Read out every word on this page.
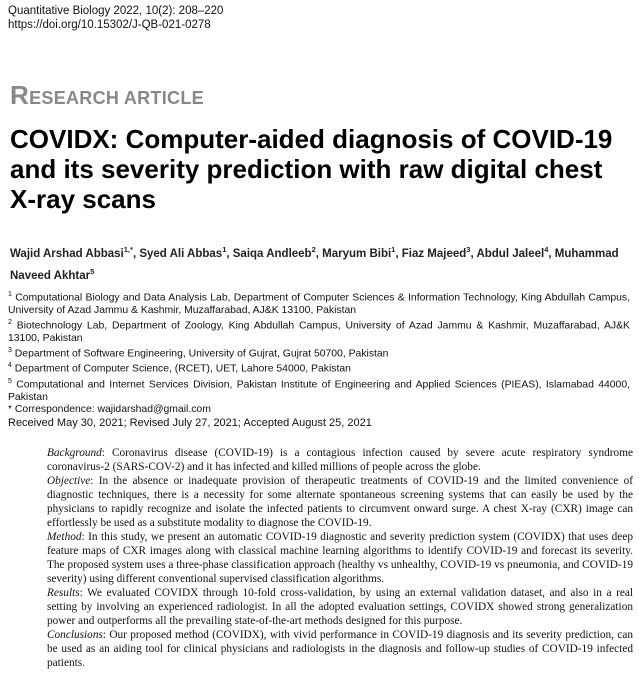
Quantitative Biology 2022, 10(2): 208–220
https://doi.org/10.15302/J-QB-021-0278
RESEARCH ARTICLE
COVIDX: Computer-aided diagnosis of COVID-19 and its severity prediction with raw digital chest X-ray scans

Wajid Arshad Abbasi$^{1,*}$, Syed Ali Abbas$^1$, Saiqa Andleeb$^2$, Maryum Bibi$^1$, Fiaz Majeed$^3$, Abdul Jaleel$^4$, Muhammad Naveed Akhtar$^5$

$^1$ Computational Biology and Data Analysis Lab, Department of Computer Sciences & Information Technology, King Abdullah Campus, University of Azad Jammu & Kashmir, Muzaffarabad, AJ&K 13100, Pakistan
$^2$ Biotechnology Lab, Department of Zoology, King Abdullah Campus, University of Azad Jammu & Kashmir, Muzaffarabad, AJ&K 13100, Pakistan
$^3$ Department of Software Engineering, University of Gujrat, Gujrat 50700, Pakistan
$^4$ Department of Computer Science, (RCET), UET, Lahore 54000, Pakistan
$^5$ Computational and Internet Services Division, Pakistan Institute of Engineering and Applied Sciences (PIEAS), Islamabad 44000, Pakistan
* Correspondence: wajidarshad@gmail.com
Received May 30, 2021; Revised July 27, 2021; Accepted August 25, 2021

Background: Coronavirus disease (COVID-19) is a contagious infection caused by severe acute respiratory syndrome coronavirus-2 (SARS-COV-2) and it has infected and killed millions of people across the globe.

Objective: In the absence or inadequate provision of therapeutic treatments of COVID-19 and the limited convenience of diagnostic techniques, there is a necessity for some alternate spontaneous screening systems that can easily be used by the physicians to rapidly recognize and isolate the infected patients to circumvent onward surge. A chest X-ray (CXR) image can effortlessly be used as a substitute modality to diagnose the COVID-19.

Method: In this study, we present an automatic COVID-19 diagnostic and severity prediction system (COVIDX) that uses deep feature maps of CXR images along with classical machine learning algorithms to identify COVID-19 and forecast its severity. The proposed system uses a three-phase classification approach (healthy vs unhealthy, COVID-19 vs pneumonia, and COVID-19 severity) using different conventional supervised classification algorithms.

Results: We evaluated COVIDX through 10-fold cross-validation, by using an external validation dataset, and also in a real setting by involving an experienced radiologist. In all the adopted evaluation settings, COVIDX showed strong generalization power and outperforms all the prevailing state-of-the-art methods designed for this purpose.

Conclusions: Our proposed method (COVIDX), with vivid performance in COVID-19 diagnosis and its severity prediction, can be used as an aiding tool for clinical physicians and radiologists in the diagnosis and follow-up studies of COVID-19 infected patients.
